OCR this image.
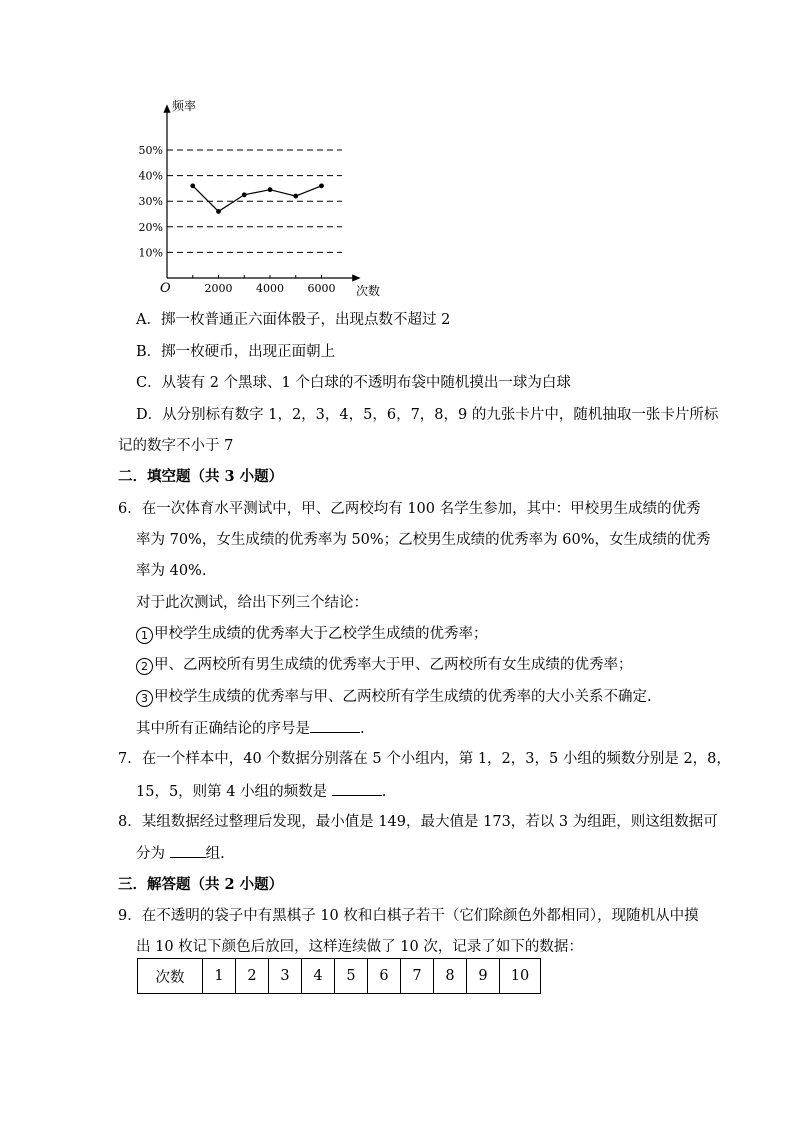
频率
次数
O
10%
20%
30%
40%
50%
2000 4000 6000
A．掷一枚普通正六面体骰子，出现点数不超过 2
B．掷一枚硬币，出现正面朝上
C．从装有 2 个黑球、1 个白球的不透明布袋中随机摸出一球为白球
D．从分别标有数字 1，2，3，4，5，6，7，8，9 的九张卡片中，随机抽取一张卡片所标
记的数字不小于 7
二．填空题（共 3 小题）
6．在一次体育水平测试中，甲、乙两校均有 100 名学生参加，其中：甲校男生成绩的优秀
率为 70%，女生成绩的优秀率为 50%；乙校男生成绩的优秀率为 60%，女生成绩的优秀
率为 40%.
对于此次测试，给出下列三个结论：
1 甲校学生成绩的优秀率大于乙校学生成绩的优秀率；
2 甲、乙两校所有男生成绩的优秀率大于甲、乙两校所有女生成绩的优秀率；
3 甲校学生成绩的优秀率与甲、乙两校所有学生成绩的优秀率的大小关系不确定.
其中所有正确结论的序号是	.
7．在一个样本中，40 个数据分别落在 5 个小组内，第 1，2，3，5 小组的频数分别是 2，8，
15，5，则第 4 小组的频数是	.
8．某组数据经过整理后发现，最小值是 149，最大值是 173，若以 3 为组距，则这组数据可
分为 组.
三．解答题（共 2 小题）
9．在不透明的袋子中有黑棋子 10 枚和白棋子若干（它们除颜色外都相同），现随机从中摸
出 10 枚记下颜色后放回，这样连续做了 10 次，记录了如下的数据：
次数	1	2	3	4	5	6	7	8	9	10
